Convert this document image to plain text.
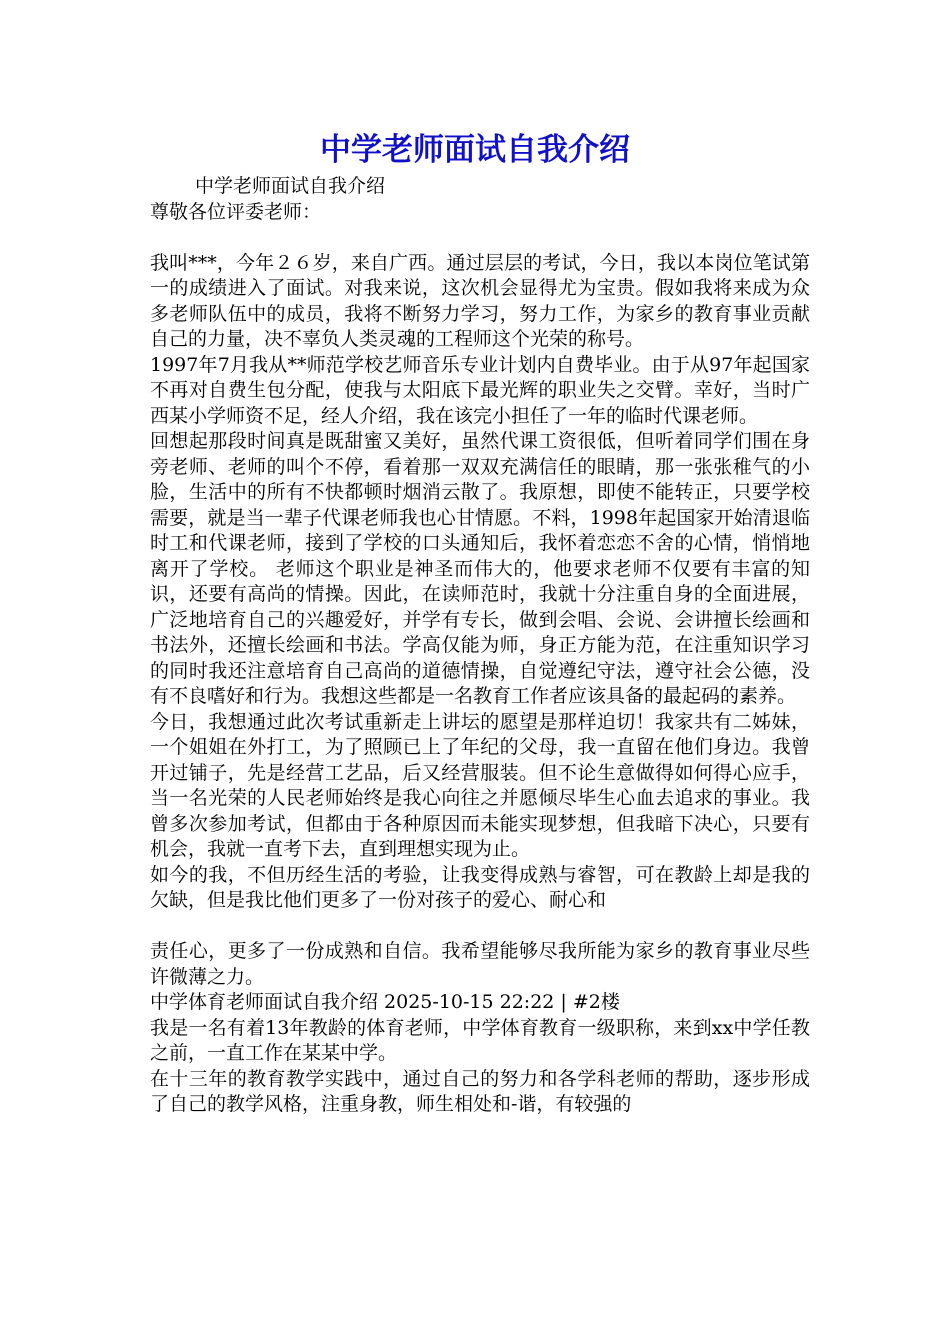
中学老师面试自我介绍

中学老师面试自我介绍

尊敬各位评委老师：

我叫***，今年２６岁，来自广西。通过层层的考试，今日，我以本岗位笔试第一的成绩进入了面试。对我来说，这次机会显得尤为宝贵。假如我将来成为众多老师队伍中的成员，我将不断努力学习，努力工作，为家乡的教育事业贡献自己的力量，决不辜负人类灵魂的工程师这个光荣的称号。

1997年7月我从**师范学校艺师音乐专业计划内自费毕业。由于从97年起国家不再对自费生包分配，使我与太阳底下最光辉的职业失之交臂。幸好，当时广西某小学师资不足，经人介绍，我在该完小担任了一年的临时代课老师。

回想起那段时间真是既甜蜜又美好，虽然代课工资很低，但听着同学们围在身旁老师、老师的叫个不停，看着那一双双充满信任的眼睛，那一张张稚气的小脸，生活中的所有不快都顿时烟消云散了。我原想，即使不能转正，只要学校需要，就是当一辈子代课老师我也心甘情愿。不料，1998年起国家开始清退临时工和代课老师，接到了学校的口头通知后，我怀着恋恋不舍的心情，悄悄地离开了学校。 老师这个职业是神圣而伟大的，他要求老师不仅要有丰富的知识，还要有高尚的情操。因此，在读师范时，我就十分注重自身的全面进展，广泛地培育自己的兴趣爱好，并学有专长，做到会唱、会说、会讲擅长绘画和书法外，还擅长绘画和书法。学高仅能为师，身正方能为范，在注重知识学习的同时我还注意培育自己高尚的道德情操，自觉遵纪守法，遵守社会公德，没有不良嗜好和行为。我想这些都是一名教育工作者应该具备的最起码的素养。

今日，我想通过此次考试重新走上讲坛的愿望是那样迫切！我家共有二姊妹，一个姐姐在外打工，为了照顾已上了年纪的父母，我一直留在他们身边。我曾开过铺子，先是经营工艺品，后又经营服装。但不论生意做得如何得心应手，当一名光荣的人民老师始终是我心向往之并愿倾尽毕生心血去追求的事业。我曾多次参加考试，但都由于各种原因而未能实现梦想，但我暗下决心，只要有机会，我就一直考下去，直到理想实现为止。

如今的我，不但历经生活的考验，让我变得成熟与睿智，可在教龄上却是我的欠缺，但是我比他们更多了一份对孩子的爱心、耐心和

责任心，更多了一份成熟和自信。我希望能够尽我所能为家乡的教育事业尽些许微薄之力。

中学体育老师面试自我介绍 2025-10-15 22:22 | #2楼

我是一名有着13年教龄的体育老师，中学体育教育一级职称，来到xx中学任教之前，一直工作在某某中学。

在十三年的教育教学实践中，通过自己的努力和各学科老师的帮助，逐步形成了自己的教学风格，注重身教，师生相处和-谐，有较强的
